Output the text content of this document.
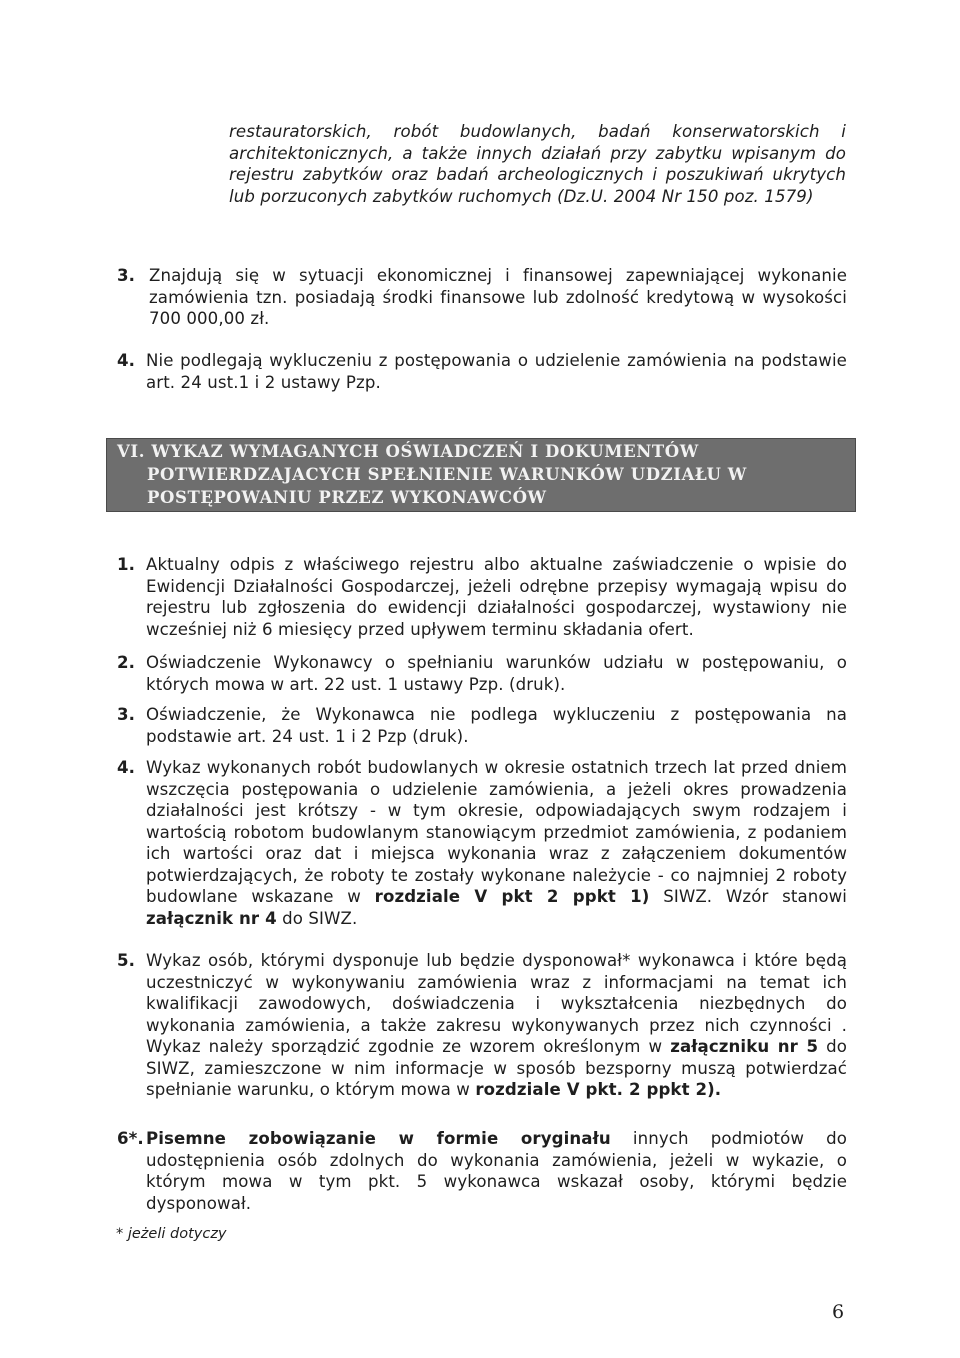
restauratorskich, robót budowlanych, badań konserwatorskich i architektonicznych, a także innych działań przy zabytku wpisanym do rejestru zabytków oraz badań archeologicznych i poszukiwań ukrytych lub porzuconych zabytków ruchomych (Dz.U. 2004 Nr 150 poz. 1579)
3. Znajdują się w sytuacji ekonomicznej i finansowej zapewniającej wykonanie zamówienia tzn. posiadają środki finansowe lub zdolność kredytową w wysokości 700 000,00 zł.
4. Nie podlegają wykluczeniu z postępowania o udzielenie zamówienia na podstawie art. 24 ust.1 i 2 ustawy Pzp.
VI. WYKAZ WYMAGANYCH OŚWIADCZEŃ I DOKUMENTÓW
POTWIERDZAJACYCH SPEŁNIENIE WARUNKÓW UDZIAŁU W
POSTĘPOWANIU PRZEZ WYKONAWCÓW
1. Aktualny odpis z właściwego rejestru albo aktualne zaświadczenie o wpisie do Ewidencji Działalności Gospodarczej, jeżeli odrębne przepisy wymagają wpisu do rejestru lub zgłoszenia do ewidencji działalności gospodarczej, wystawiony nie wcześniej niż 6 miesięcy przed upływem terminu składania ofert.
2. Oświadczenie Wykonawcy o spełnianiu warunków udziału w postępowaniu, o których mowa w art. 22 ust. 1 ustawy Pzp. (druk).
3. Oświadczenie, że Wykonawca nie podlega wykluczeniu z postępowania na podstawie art. 24 ust. 1 i 2 Pzp (druk).
4. Wykaz wykonanych robót budowlanych w okresie ostatnich trzech lat przed dniem wszczęcia postępowania o udzielenie zamówienia, a jeżeli okres prowadzenia działalności jest krótszy - w tym okresie, odpowiadających swym rodzajem i wartością robotom budowlanym stanowiącym przedmiot zamówienia, z podaniem ich wartości oraz dat i miejsca wykonania wraz z załączeniem dokumentów potwierdzających, że roboty te zostały wykonane należycie - co najmniej 2 roboty budowlane wskazane w rozdziale V pkt 2 ppkt 1) SIWZ. Wzór stanowi załącznik nr 4 do SIWZ.
5. Wykaz osób, którymi dysponuje lub będzie dysponował* wykonawca i które będą uczestniczyć w wykonywaniu zamówienia wraz z informacjami na temat ich kwalifikacji zawodowych, doświadczenia i wykształcenia niezbędnych do wykonania zamówienia, a także zakresu wykonywanych przez nich czynności . Wykaz należy sporządzić zgodnie ze wzorem określonym w załączniku nr 5 do SIWZ, zamieszczone w nim informacje w sposób bezsporny muszą potwierdzać spełnianie warunku, o którym mowa w rozdziale V pkt. 2 ppkt 2).
6*. Pisemne zobowiązanie w formie oryginału innych podmiotów do udostępnienia osób zdolnych do wykonania zamówienia, jeżeli w wykazie, o którym mowa w tym pkt. 5 wykonawca wskazał osoby, którymi będzie dysponował.
* jeżeli dotyczy
6
